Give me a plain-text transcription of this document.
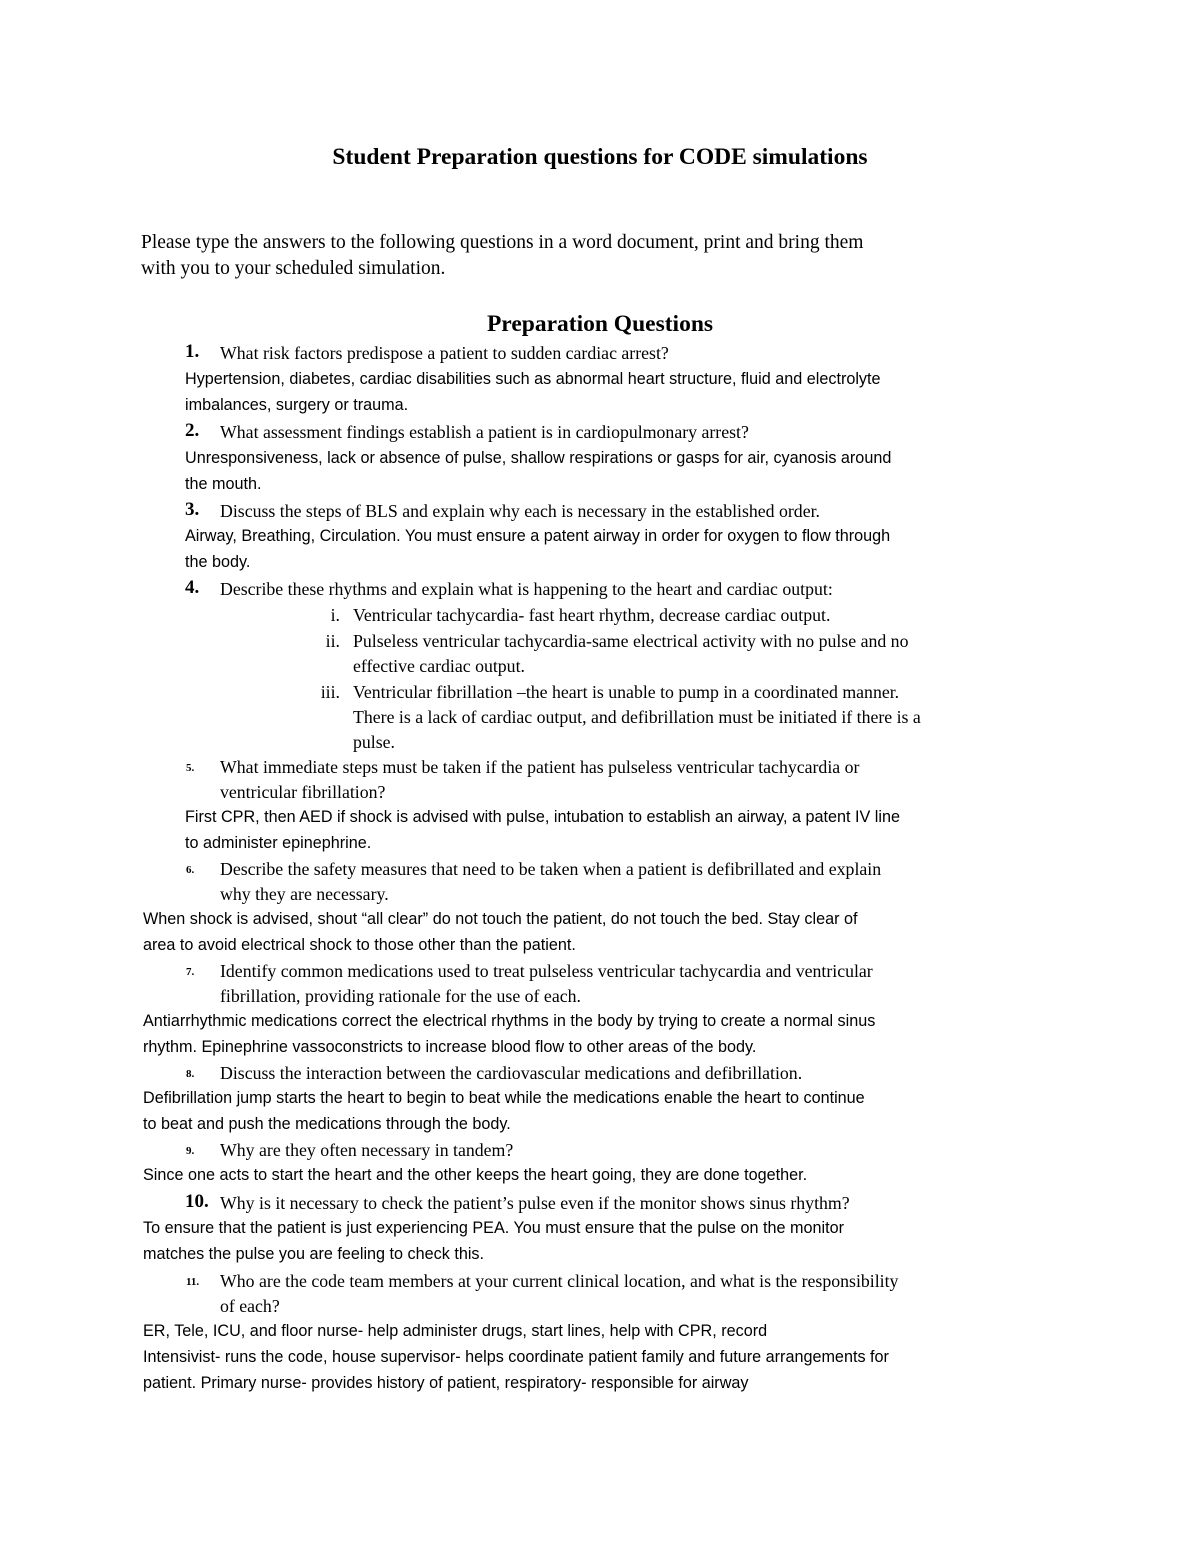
Student Preparation questions for CODE simulations
Please type the answers to the following questions in a word document, print and bring them
with you to your scheduled simulation.
Preparation Questions
1. What risk factors predispose a patient to sudden cardiac arrest?
Hypertension, diabetes, cardiac disabilities such as abnormal heart structure, fluid and electrolyte
imbalances, surgery or trauma.
2. What assessment findings establish a patient is in cardiopulmonary arrest?
Unresponsiveness, lack or absence of pulse, shallow respirations or gasps for air, cyanosis around
the mouth.
3. Discuss the steps of BLS and explain why each is necessary in the established order.
Airway, Breathing, Circulation. You must ensure a patent airway in order for oxygen to flow through
the body.
4. Describe these rhythms and explain what is happening to the heart and cardiac output:
i. Ventricular tachycardia- fast heart rhythm, decrease cardiac output.
ii. Pulseless ventricular tachycardia-same electrical activity with no pulse and no
effective cardiac output.
iii. Ventricular fibrillation –the heart is unable to pump in a coordinated manner.
There is a lack of cardiac output, and defibrillation must be initiated if there is a
pulse.
5. What immediate steps must be taken if the patient has pulseless ventricular tachycardia or
ventricular fibrillation?
First CPR, then AED if shock is advised with pulse, intubation to establish an airway, a patent IV line
to administer epinephrine.
6. Describe the safety measures that need to be taken when a patient is defibrillated and explain
why they are necessary.
When shock is advised, shout “all clear” do not touch the patient, do not touch the bed. Stay clear of
area to avoid electrical shock to those other than the patient.
7. Identify common medications used to treat pulseless ventricular tachycardia and ventricular
fibrillation, providing rationale for the use of each.
Antiarrhythmic medications correct the electrical rhythms in the body by trying to create a normal sinus
rhythm. Epinephrine vassoconstricts to increase blood flow to other areas of the body.
8. Discuss the interaction between the cardiovascular medications and defibrillation.
Defibrillation jump starts the heart to begin to beat while the medications enable the heart to continue
to beat and push the medications through the body.
9. Why are they often necessary in tandem?
Since one acts to start the heart and the other keeps the heart going, they are done together.
10. Why is it necessary to check the patient’s pulse even if the monitor shows sinus rhythm?
To ensure that the patient is just experiencing PEA. You must ensure that the pulse on the monitor
matches the pulse you are feeling to check this.
11. Who are the code team members at your current clinical location, and what is the responsibility
of each?
ER, Tele, ICU, and floor nurse- help administer drugs, start lines, help with CPR, record
Intensivist- runs the code, house supervisor- helps coordinate patient family and future arrangements for
patient. Primary nurse- provides history of patient, respiratory- responsible for airway
